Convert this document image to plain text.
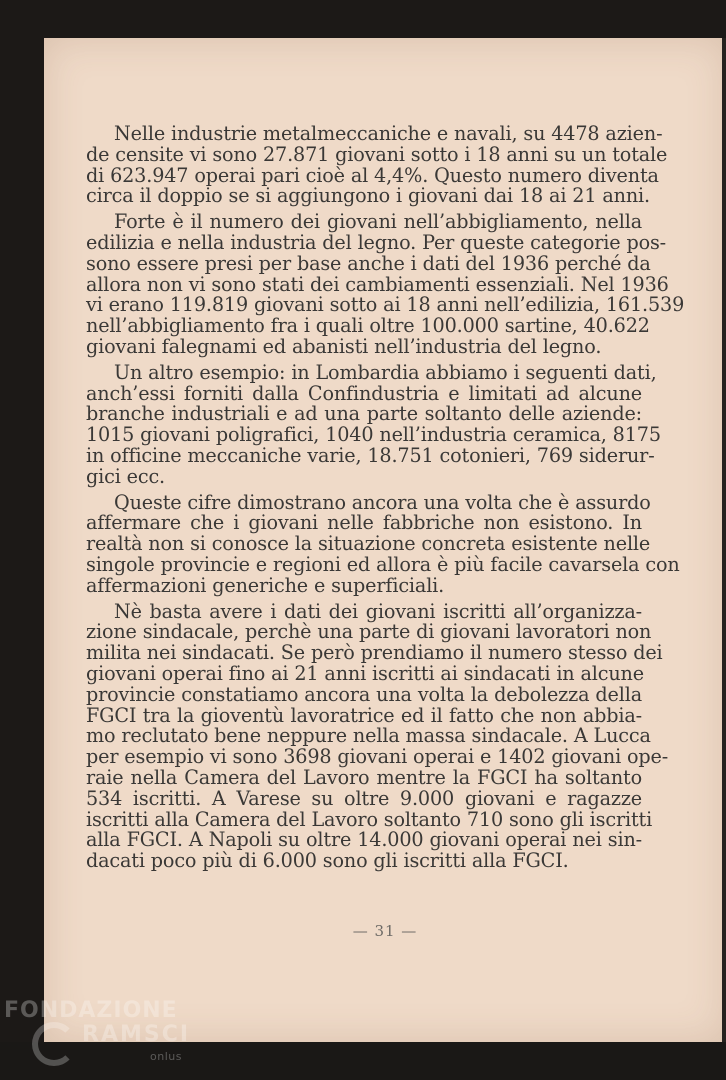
Nelle industrie metalmeccaniche e navali, su 4478 azien-
de censite vi sono 27.871 giovani sotto i 18 anni su un totale
di 623.947 operai pari cioè al 4,4%. Questo numero diventa
circa il doppio se si aggiungono i giovani dai 18 ai 21 anni.
Forte è il numero dei giovani nell’abbigliamento, nella
edilizia e nella industria del legno. Per queste categorie pos-
sono essere presi per base anche i dati del 1936 perché da
allora non vi sono stati dei cambiamenti essenziali. Nel 1936
vi erano 119.819 giovani sotto ai 18 anni nell’edilizia, 161.539
nell’abbigliamento fra i quali oltre 100.000 sartine, 40.622
giovani falegnami ed abanisti nell’industria del legno.
Un altro esempio: in Lombardia abbiamo i seguenti dati,
anch’essi forniti dalla Confindustria e limitati ad alcune
branche industriali e ad una parte soltanto delle aziende:
1015 giovani poligrafici, 1040 nell’industria ceramica, 8175
in officine meccaniche varie, 18.751 cotonieri, 769 siderur-
gici ecc.
Queste cifre dimostrano ancora una volta che è assurdo
affermare che i giovani nelle fabbriche non esistono. In
realtà non si conosce la situazione concreta esistente nelle
singole provincie e regioni ed allora è più facile cavarsela con
affermazioni generiche e superficiali.
Nè basta avere i dati dei giovani iscritti all’organizza-
zione sindacale, perchè una parte di giovani lavoratori non
milita nei sindacati. Se però prendiamo il numero stesso dei
giovani operai fino ai 21 anni iscritti ai sindacati in alcune
provincie constatiamo ancora una volta la debolezza della
FGCI tra la gioventù lavoratrice ed il fatto che non abbia-
mo reclutato bene neppure nella massa sindacale. A Lucca
per esempio vi sono 3698 giovani operai e 1402 giovani ope-
raie nella Camera del Lavoro mentre la FGCI ha soltanto
534 iscritti. A Varese su oltre 9.000 giovani e ragazze
iscritti alla Camera del Lavoro soltanto 710 sono gli iscritti
alla FGCI. A Napoli su oltre 14.000 giovani operai nei sin-
dacati poco più di 6.000 sono gli iscritti alla FGCI.
— 31 —
FONDAZIONE
RAMSCI
onlus
